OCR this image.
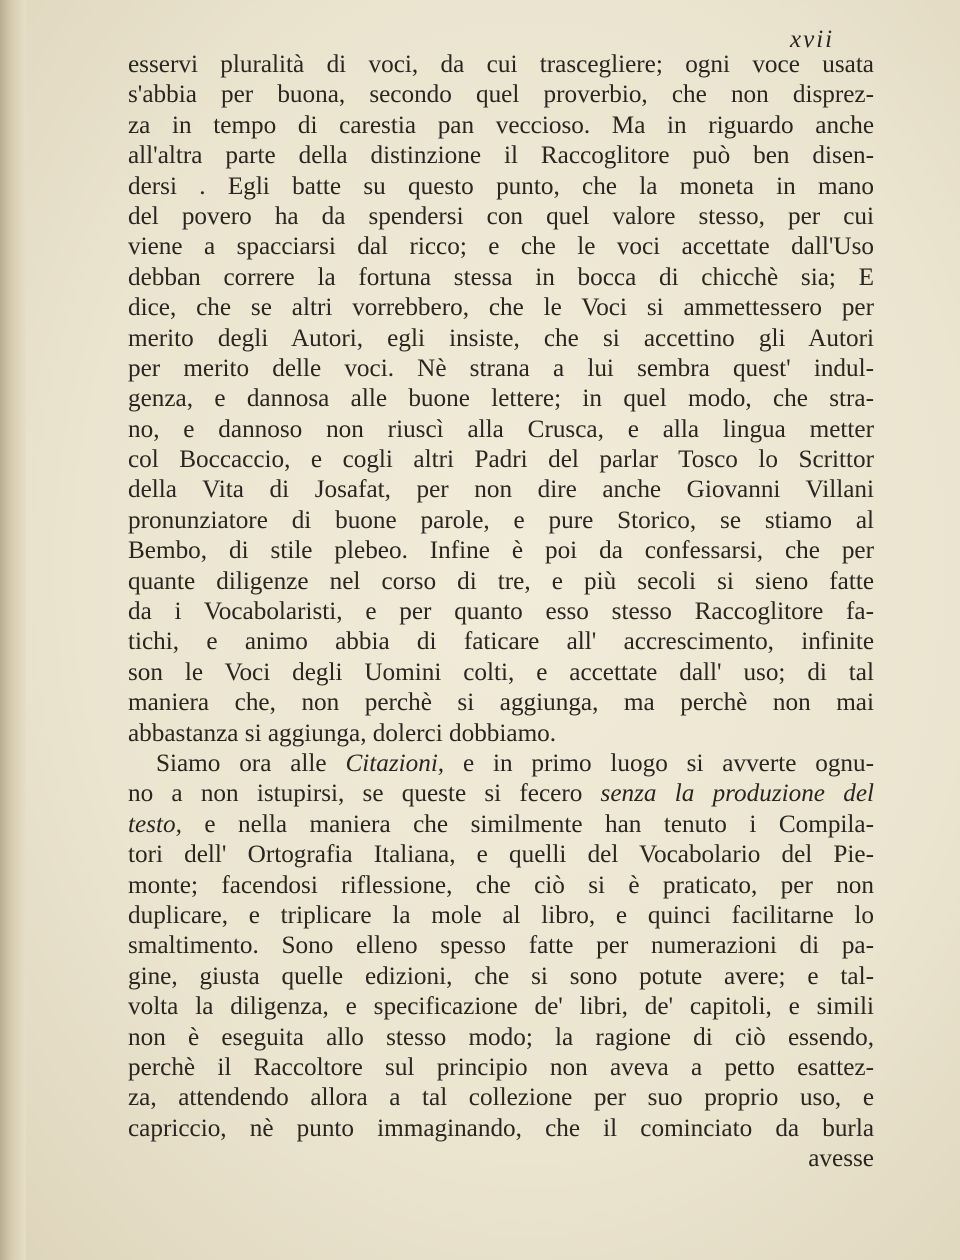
xvii
esservi pluralità di voci, da cui trascegliere; ogni voce usata
s'abbia per buona, secondo quel proverbio, che non disprez-
za in tempo di carestia pan veccioso. Ma in riguardo anche
all'altra parte della distinzione il Raccoglitore può ben disen-
dersi . Egli batte su questo punto, che la moneta in mano
del povero ha da spendersi con quel valore stesso, per cui
viene a spacciarsi dal ricco; e che le voci accettate dall'Uso
debban correre la fortuna stessa in bocca di chicchè sia; E
dice, che se altri vorrebbero, che le Voci si ammettessero per
merito degli Autori, egli insiste, che si accettino gli Autori
per merito delle voci. Nè strana a lui sembra quest' indul-
genza, e dannosa alle buone lettere; in quel modo, che stra-
no, e dannoso non riuscì alla Crusca, e alla lingua metter
col Boccaccio, e cogli altri Padri del parlar Tosco lo Scrittor
della Vita di Josafat, per non dire anche Giovanni Villani
pronunziatore di buone parole, e pure Storico, se stiamo al
Bembo, di stile plebeo. Infine è poi da confessarsi, che per
quante diligenze nel corso di tre, e più secoli si sieno fatte
da i Vocabolaristi, e per quanto esso stesso Raccoglitore fa-
tichi, e animo abbia di faticare all' accrescimento, infinite
son le Voci degli Uomini colti, e accettate dall' uso; di tal
maniera che, non perchè si aggiunga, ma perchè non mai
abbastanza si aggiunga, dolerci dobbiamo.
Siamo ora alle Citazioni, e in primo luogo si avverte ognu-
no a non istupirsi, se queste si fecero senza la produzione del
testo, e nella maniera che similmente han tenuto i Compila-
tori dell' Ortografia Italiana, e quelli del Vocabolario del Pie-
monte; facendosi riflessione, che ciò si è praticato, per non
duplicare, e triplicare la mole al libro, e quinci facilitarne lo
smaltimento. Sono elleno spesso fatte per numerazioni di pa-
gine, giusta quelle edizioni, che si sono potute avere; e tal-
volta la diligenza, e specificazione de' libri, de' capitoli, e simili
non è eseguita allo stesso modo; la ragione di ciò essendo,
perchè il Raccoltore sul principio non aveva a petto esattez-
za, attendendo allora a tal collezione per suo proprio uso, e
capriccio, nè punto immaginando, che il cominciato da burla
avesse
